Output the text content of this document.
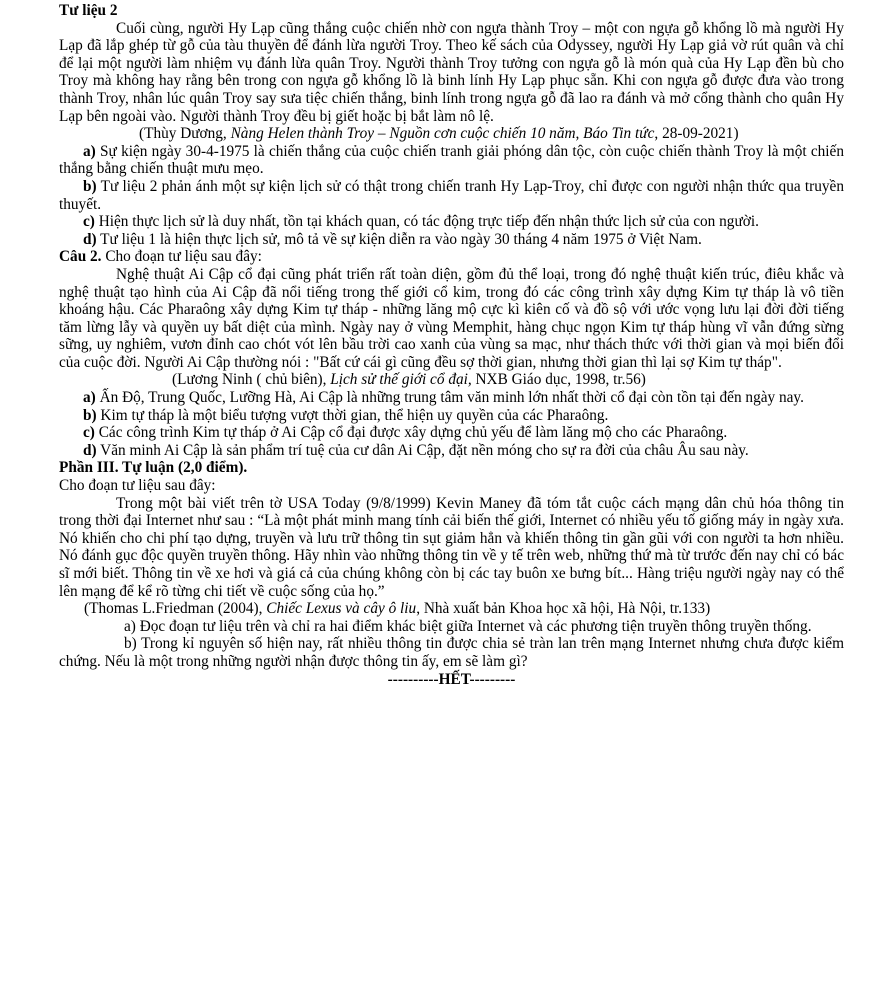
Tư liệu 2

Cuối cùng, người Hy Lạp cũng thắng cuộc chiến nhờ con ngựa thành Troy – một con ngựa gỗ khổng lồ mà người Hy Lạp đã lắp ghép từ gỗ của tàu thuyền để đánh lừa người Troy. Theo kế sách của Odyssey, người Hy Lạp giả vờ rút quân và chỉ để lại một người làm nhiệm vụ đánh lừa quân Troy. Người thành Troy tưởng con ngựa gỗ là món quà của Hy Lạp đền bù cho Troy mà không hay rằng bên trong con ngựa gỗ khổng lồ là binh lính Hy Lạp phục sẵn. Khi con ngựa gỗ được đưa vào trong thành Troy, nhân lúc quân Troy say sưa tiệc chiến thắng, binh lính trong ngựa gỗ đã lao ra đánh và mở cổng thành cho quân Hy Lạp bên ngoài vào. Người thành Troy đều bị giết hoặc bị bắt làm nô lệ.

(Thùy Dương, Nàng Helen thành Troy – Nguồn cơn cuộc chiến 10 năm, Báo Tin tức, 28-09-2021)

a) Sự kiện ngày 30-4-1975 là chiến thắng của cuộc chiến tranh giải phóng dân tộc, còn cuộc chiến thành Troy là một chiến thắng bằng chiến thuật mưu mẹo.

b) Tư liệu 2 phản ánh một sự kiện lịch sử có thật trong chiến tranh Hy Lạp-Troy, chỉ được con người nhận thức qua truyền thuyết.

c) Hiện thực lịch sử là duy nhất, tồn tại khách quan, có tác động trực tiếp đến nhận thức lịch sử của con người.

d) Tư liệu 1 là hiện thực lịch sử, mô tả về sự kiện diễn ra vào ngày 30 tháng 4 năm 1975 ở Việt Nam.

Câu 2. Cho đoạn tư liệu sau đây:

Nghệ thuật Ai Cập cổ đại cũng phát triển rất toàn diện, gồm đủ thể loại, trong đó nghệ thuật kiến trúc, điêu khắc và nghệ thuật tạo hình của Ai Cập đã nổi tiếng trong thế giới cổ kim, trong đó các công trình xây dựng Kim tự tháp là vô tiền khoáng hậu. Các Pharaông xây dựng Kim tự tháp - những lăng mộ cực kì kiên cố và đồ sộ với ước vọng lưu lại đời đời tiếng tăm lừng lẫy và quyền uy bất diệt của mình. Ngày nay ở vùng Memphit, hàng chục ngọn Kim tự tháp hùng vĩ vẫn đứng sừng sững, uy nghiêm, vươn đỉnh cao chót vót lên bầu trời cao xanh của vùng sa mạc, như thách thức với thời gian và mọi biến đổi của cuộc đời. Người Ai Cập thường nói : "Bất cứ cái gì cũng đều sợ thời gian, nhưng thời gian thì lại sợ Kim tự tháp".

(Lương Ninh ( chủ biên), Lịch sử thế giới cổ đại, NXB Giáo dục, 1998, tr.56)

a) Ấn Độ, Trung Quốc, Lưỡng Hà, Ai Cập là những trung tâm văn minh lớn nhất thời cổ đại còn tồn tại đến ngày nay.

b) Kim tự tháp là một biểu tượng vượt thời gian, thể hiện uy quyền của các Pharaông.

c) Các công trình Kim tự tháp ở Ai Cập cổ đại được xây dựng chủ yếu để làm lăng mộ cho các Pharaông.

d) Văn minh Ai Cập là sản phẩm trí tuệ của cư dân Ai Cập, đặt nền móng cho sự ra đời của châu Âu sau này.

Phần III. Tự luận (2,0 điểm).

Cho đoạn tư liệu sau đây:

Trong một bài viết trên tờ USA Today (9/8/1999) Kevin Maney đã tóm tắt cuộc cách mạng dân chủ hóa thông tin trong thời đại Internet như sau : “Là một phát minh mang tính cải biến thế giới, Internet có nhiều yếu tố giống máy in ngày xưa. Nó khiến cho chi phí tạo dựng, truyền và lưu trữ thông tin sụt giảm hẳn và khiến thông tin gần gũi với con người ta hơn nhiều. Nó đánh gục độc quyền truyền thông. Hãy nhìn vào những thông tin về y tế trên web, những thứ mà từ trước đến nay chỉ có bác sĩ mới biết. Thông tin về xe hơi và giá cả của chúng không còn bị các tay buôn xe bưng bít... Hàng triệu người ngày nay có thể lên mạng để kể rõ từng chi tiết về cuộc sống của họ.”

(Thomas L.Friedman (2004), Chiếc Lexus và cây ô liu, Nhà xuất bản Khoa học xã hội, Hà Nội, tr.133)

a) Đọc đoạn tư liệu trên và chỉ ra hai điểm khác biệt giữa Internet và các phương tiện truyền thông truyền thống.

b) Trong kỉ nguyên số hiện nay, rất nhiều thông tin được chia sẻ tràn lan trên mạng Internet nhưng chưa được kiểm chứng. Nếu là một trong những người nhận được thông tin ấy, em sẽ làm gì?

----------HẾT---------
